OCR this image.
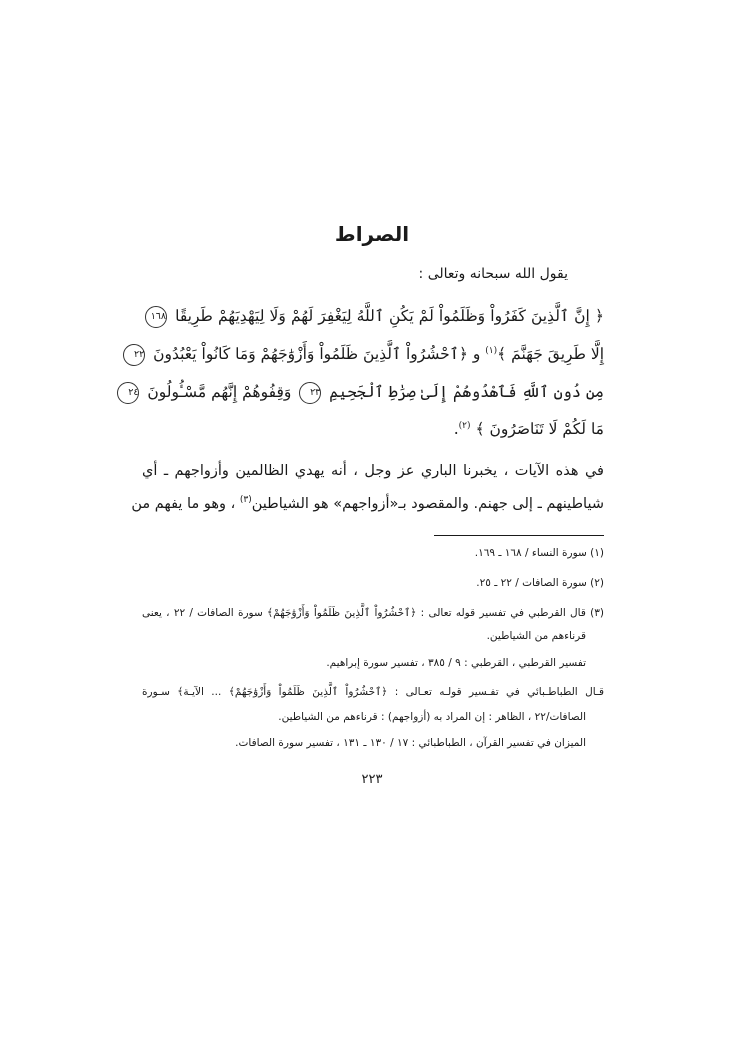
الصراط
يقول الله سبحانه وتعالى :
﴿ إِنَّ ٱلَّذِينَ كَفَرُواْ وَظَلَمُواْ لَمْ يَكُنِ ٱللَّهُ لِيَغْفِرَ لَهُمْ وَلَا لِيَهْدِيَهُمْ طَرِيقًا ١٦٨
إِلَّا طَرِيقَ جَهَنَّمَ ﴾$^{(١)}$ و ﴿ٱحْشُرُواْ ٱلَّذِينَ ظَلَمُواْ وَأَزْوَٰجَهُمْ وَمَا كَانُواْ يَعْبُدُونَ ٢٢
مِن دُونِ ٱللَّهِ فَٱهْدُوهُمْ إِلَىٰ صِرَٰطِ ٱلْجَحِيمِ ٢٣ وَقِفُوهُمْ إِنَّهُم مَّسْـُٔولُونَ ٢٤
مَا لَكُمْ لَا تَنَاصَرُونَ ﴾ $^{(٢)}$.
في هذه الآيات ، يخبرنا الباري عز وجل ، أنه يهدي الظالمين وأزواجهم ـ أي
شياطينهم ـ إلى جهنم. والمقصود بـ«أزواجهم» هو الشياطين$^{(٣)}$ ، وهو ما يفهم من
(١) سورة النساء / ١٦٨ ـ ١٦٩.
(٢) سورة الصافات / ٢٢ ـ ٢٥.
(٣) قال القرطبي في تفسير قوله تعالى : ﴿ٱحْشُرُواْ ٱلَّذِينَ ظَلَمُواْ وَأَزْوَٰجَهُمْ﴾ سورة الصافات / ٢٢ ، يعنى
قرناءهم من الشياطين.
تفسير القرطبي ، القرطبي : ٩ / ٣٨٥ ، تفسير سورة إبراهيم.
قـال الطباطـبائي في تفـسير قولـه تعـالى : ﴿ٱحْشُرُواْ ٱلَّذِينَ ظَلَمُواْ وَأَزْوَٰجَهُمْ﴾ ... الآيـة﴾ سـورة
الصافات/٢٢ ، الظاهر : إن المراد به (أزواجهم) : قرناءهم من الشياطين.
الميزان في تفسير القرآن ، الطباطبائي : ١٧ / ١٣٠ ـ ١٣١ ، تفسير سورة الصافات.
٢٢٣
